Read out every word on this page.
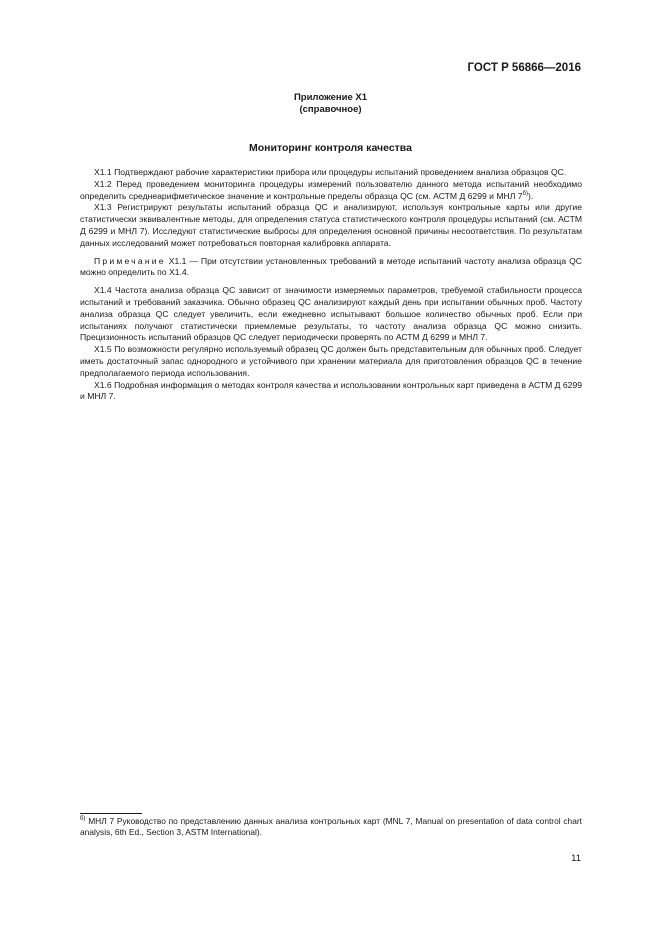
ГОСТ Р 56866—2016
Приложение Х1
(справочное)
Мониторинг контроля качества

Х1.1 Подтверждают рабочие характеристики прибора или процедуры испытаний проведением анализа образцов QC.

Х1.2 Перед проведением мониторинга процедуры измерений пользователю данного метода испытаний необходимо определить среднеарифметическое значение и контрольные пределы образца QC (см. АСТМ Д 6299 и МНЛ $7^{б)}$).

Х1.3 Регистрируют результаты испытаний образца QC и анализируют, используя контрольные карты или другие статистически эквивалентные методы, для определения статуса статистического контроля процедуры испытаний (см. АСТМ Д 6299 и МНЛ 7). Исследуют статистические выбросы для определения основной причины несоответствия. По результатам данных исследований может потребоваться повторная калибровка аппарата.

Примечание Х1.1 — При отсутствии установленных требований в методе испытаний частоту анализа образца QC можно определить по Х1.4.

Х1.4 Частота анализа образца QC зависит от значимости измеряемых параметров, требуемой стабильности процесса испытаний и требований заказчика. Обычно образец QC анализируют каждый день при испытании обычных проб. Частоту анализа образца QC следует увеличить, если ежедневно испытывают большое количество обычных проб. Если при испытаниях получают статистически приемлемые результаты, то частоту анализа образца QC можно снизить. Прецизионность испытаний образцов QC следует периодически проверять по АСТМ Д 6299 и МНЛ 7.

Х1.5 По возможности регулярно используемый образец QC должен быть представительным для обычных проб. Следует иметь достаточный запас однородного и устойчивого при хранении материала для приготовления образцов QC в течение предполагаемого периода использования.

Х1.6 Подробная информация о методах контроля качества и использовании контрольных карт приведена в АСТМ Д 6299 и МНЛ 7.

$^{б)}$ МНЛ 7 Руководство по представлению данных анализа контрольных карт (MNL 7, Manual on presentation of data control chart analysis, 6th Ed., Section 3, ASTM International).
11
